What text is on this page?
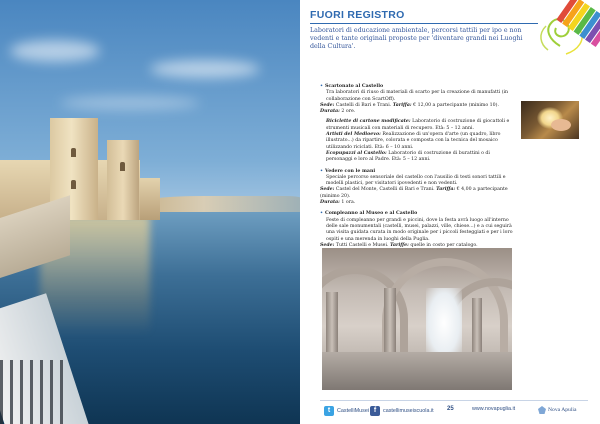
FUORI REGISTRO
Laboratori di educazione ambientale, percorsi tattili per ipo e non vedenti e tante originali proposte per 'diventare grandi nei Luoghi della Cultura'.

• Scartonato al Castello

Tra laboratori di riuso di materiali di scarto per la creazione di manufatti (in collaborazione con ScartOff).

Sede: Castelli di Bari e Trani. Tariffa: € 12,00 a partecipante (minimo 10). Durata: 2 ore.

Biciclette di cartone modificate: Laboratorio di costruzione di giocattoli e strumenti musicali con materiali di recupero. Età: 5 – 12 anni.

Artisti del Medioevo: Realizzazione di un'opera d'arte (un quadro, libro illustrato...) da ripartire, colorata e composta con la tecnica del mosaico utilizzando riciclati. Età: 6 – 10 anni.

Ecopupazzi al Castello: Laboratorio di costruzione di burattini o di personaggi e loro al Padre. Età: 5 – 12 anni.

• Vedere con le mani

Speciale percorso sensoriale del castello con l'ausilio di testi sonori tattili e modelli plastici, per visitatori ipovedenti e non vedenti.

Sede: Castel del Monte, Castelli di Bari e Trani. Tariffa: € 4,00 a partecipante (minimo 20).
Durata: 1 ora.

• Compleanno al Museo e al Castello

Feste di compleanno per grandi e piccini, dove la festa avrà luogo all'interno delle sale monumentali (castelli, musei, palazzi, ville, chiese...) e a cui seguirà una visita guidata curata in modo originale per i piccoli festeggiati e per i loro ospiti e una merenda in luoghi della Puglia.

Sede: Tutti Castelli e Musei. Tariffe: quelle in costo per catalogo.

t	CastelliMusei f	castellimuseiscuola.it 25	www.novapuglia.it	Nova Apulia
